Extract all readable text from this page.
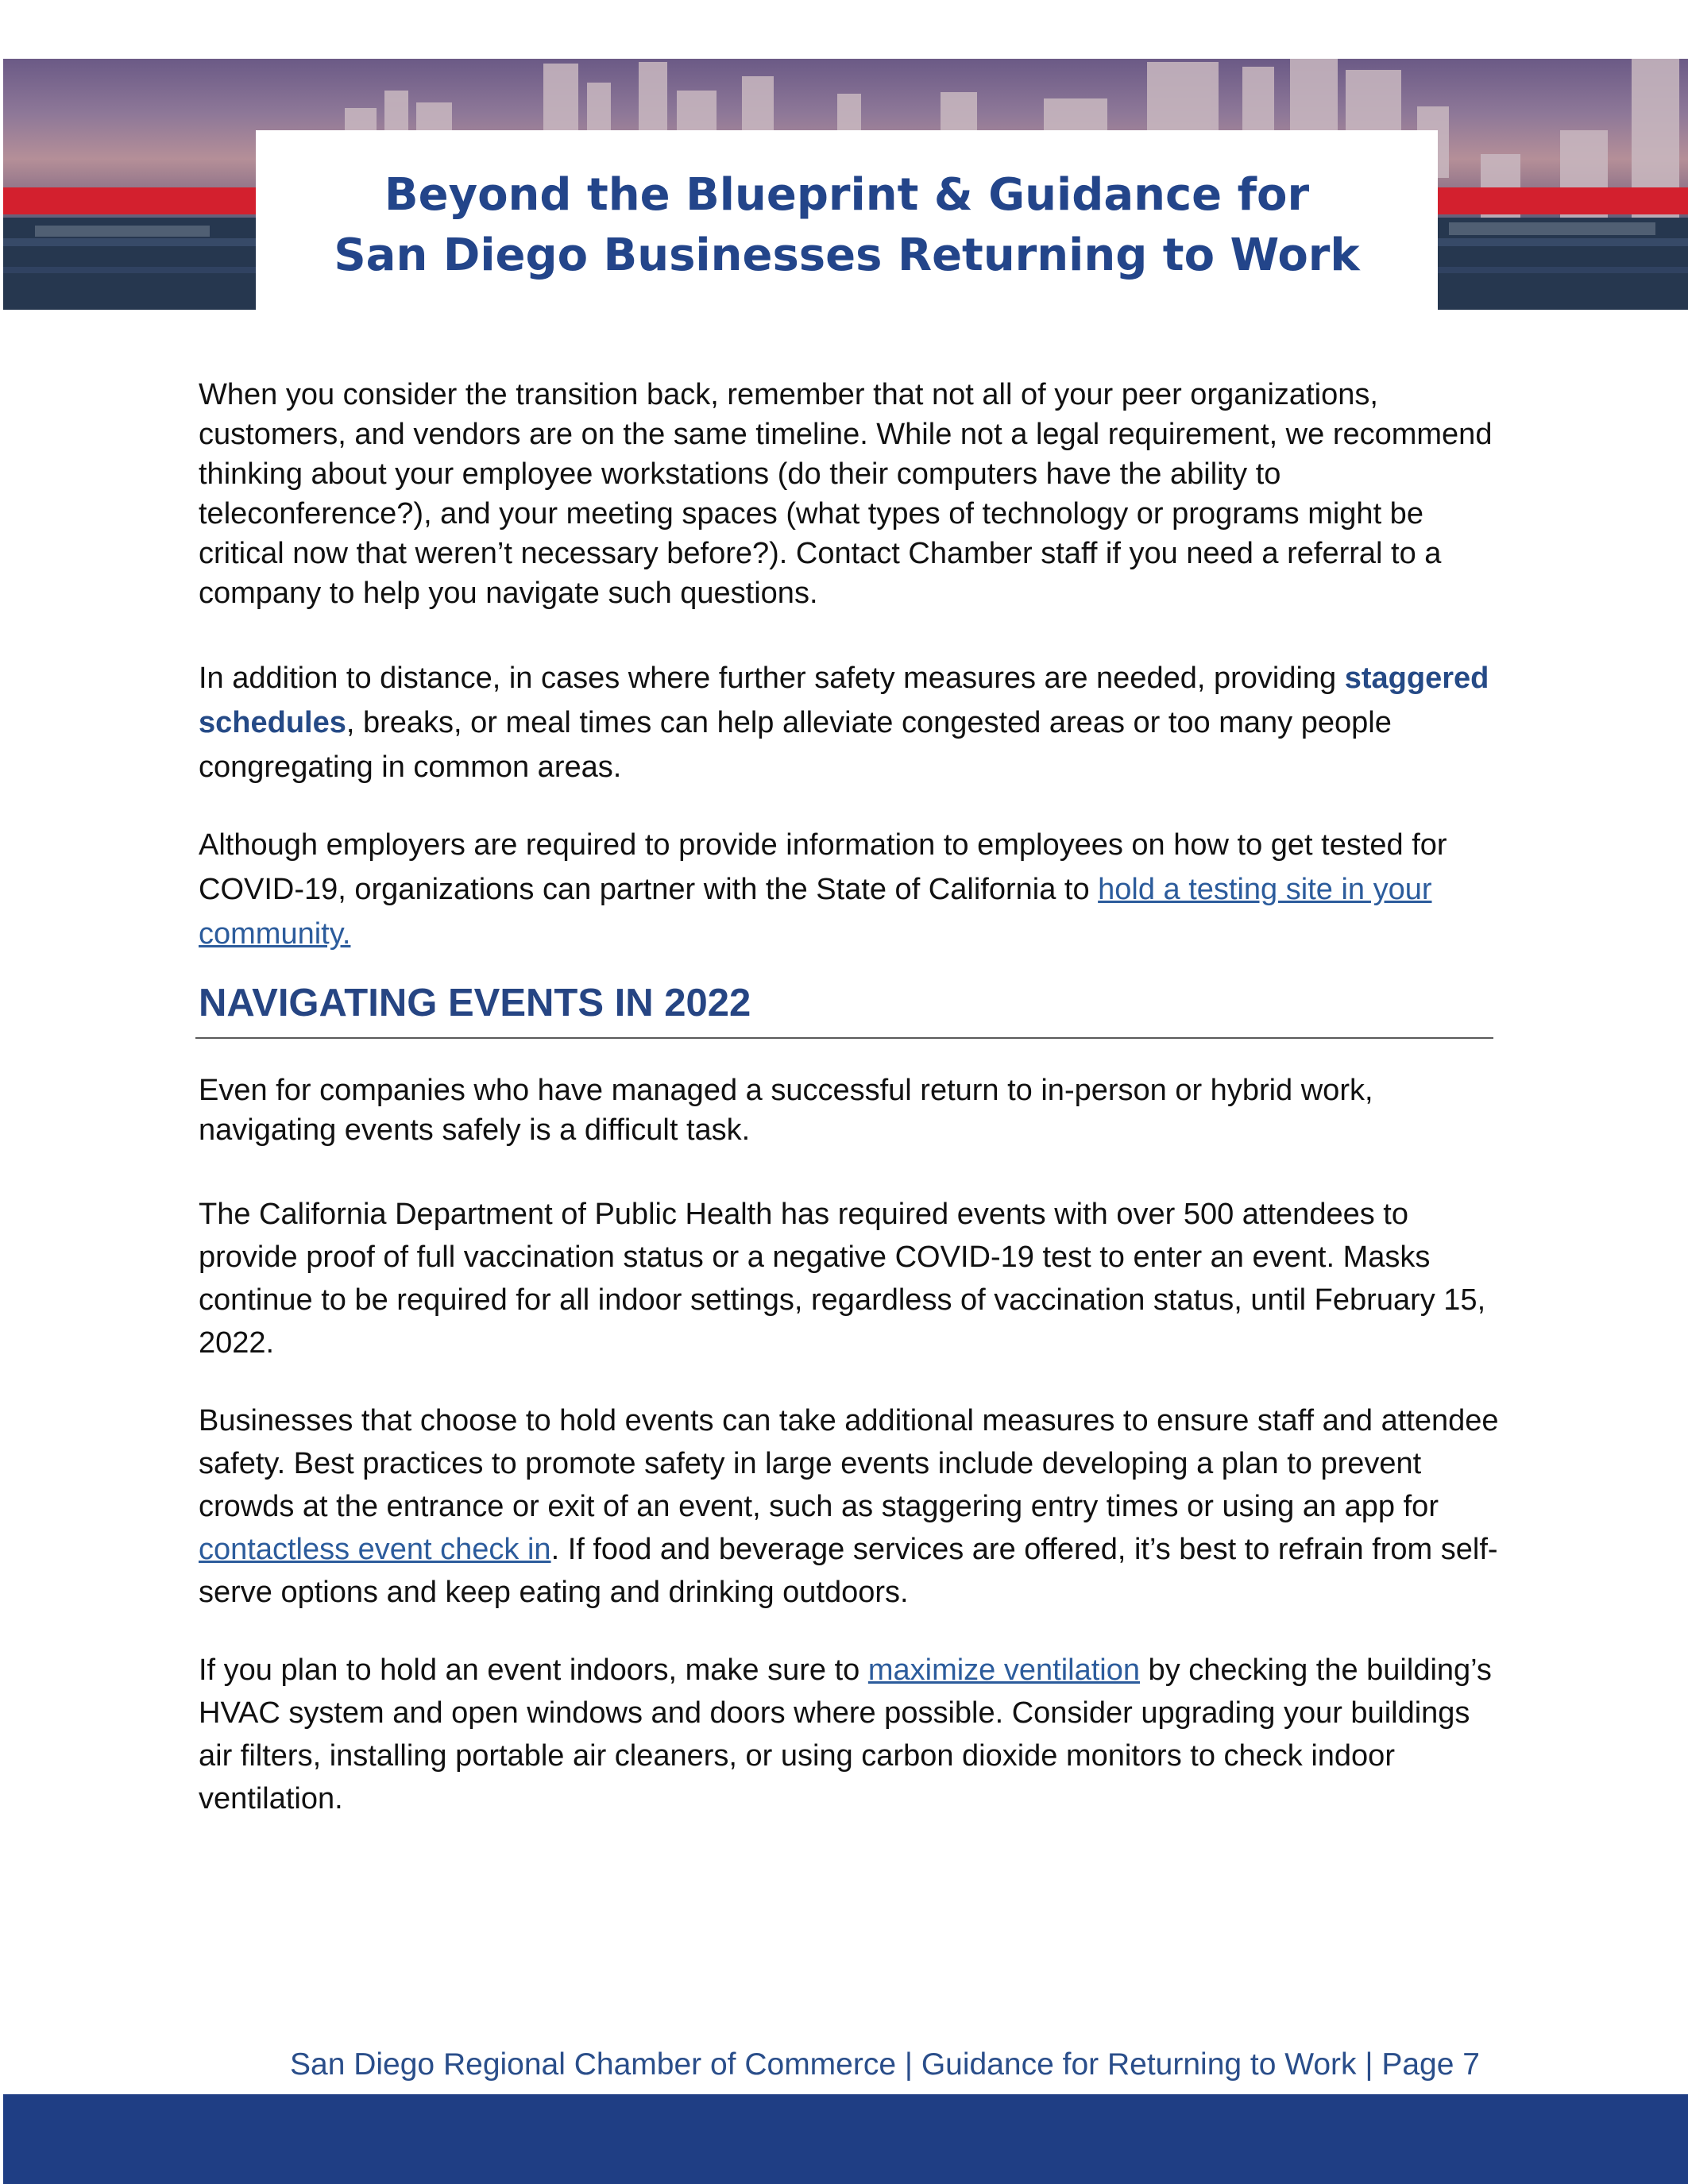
Beyond the Blueprint & Guidance for
San Diego Businesses Returning to Work

When you consider the transition back, remember that not all of your peer organizations, customers, and vendors are on the same timeline. While not a legal requirement, we recommend thinking about your employee workstations (do their computers have the ability to teleconference?), and your meeting spaces (what types of technology or programs might be critical now that weren’t necessary before?). Contact Chamber staff if you need a referral to a company to help you navigate such questions.

In addition to distance, in cases where further safety measures are needed, providing staggered schedules, breaks, or meal times can help alleviate congested areas or too many people congregating in common areas.

Although employers are required to provide information to employees on how to get tested for COVID-19, organizations can partner with the State of California to hold a testing site in your community.

NAVIGATING EVENTS IN 2022

Even for companies who have managed a successful return to in-person or hybrid work, navigating events safely is a difficult task.

The California Department of Public Health has required events with over 500 attendees to provide proof of full vaccination status or a negative COVID-19 test to enter an event. Masks continue to be required for all indoor settings, regardless of vaccination status, until February 15, 2022.

Businesses that choose to hold events can take additional measures to ensure staff and attendee safety. Best practices to promote safety in large events include developing a plan to prevent crowds at the entrance or exit of an event, such as staggering entry times or using an app for contactless event check in. If food and beverage services are offered, it’s best to refrain from self-serve options and keep eating and drinking outdoors.

If you plan to hold an event indoors, make sure to maximize ventilation by checking the building’s HVAC system and open windows and doors where possible. Consider upgrading your buildings air filters, installing portable air cleaners, or using carbon dioxide monitors to check indoor ventilation.

San Diego Regional Chamber of Commerce | Guidance for Returning to Work | Page 7
